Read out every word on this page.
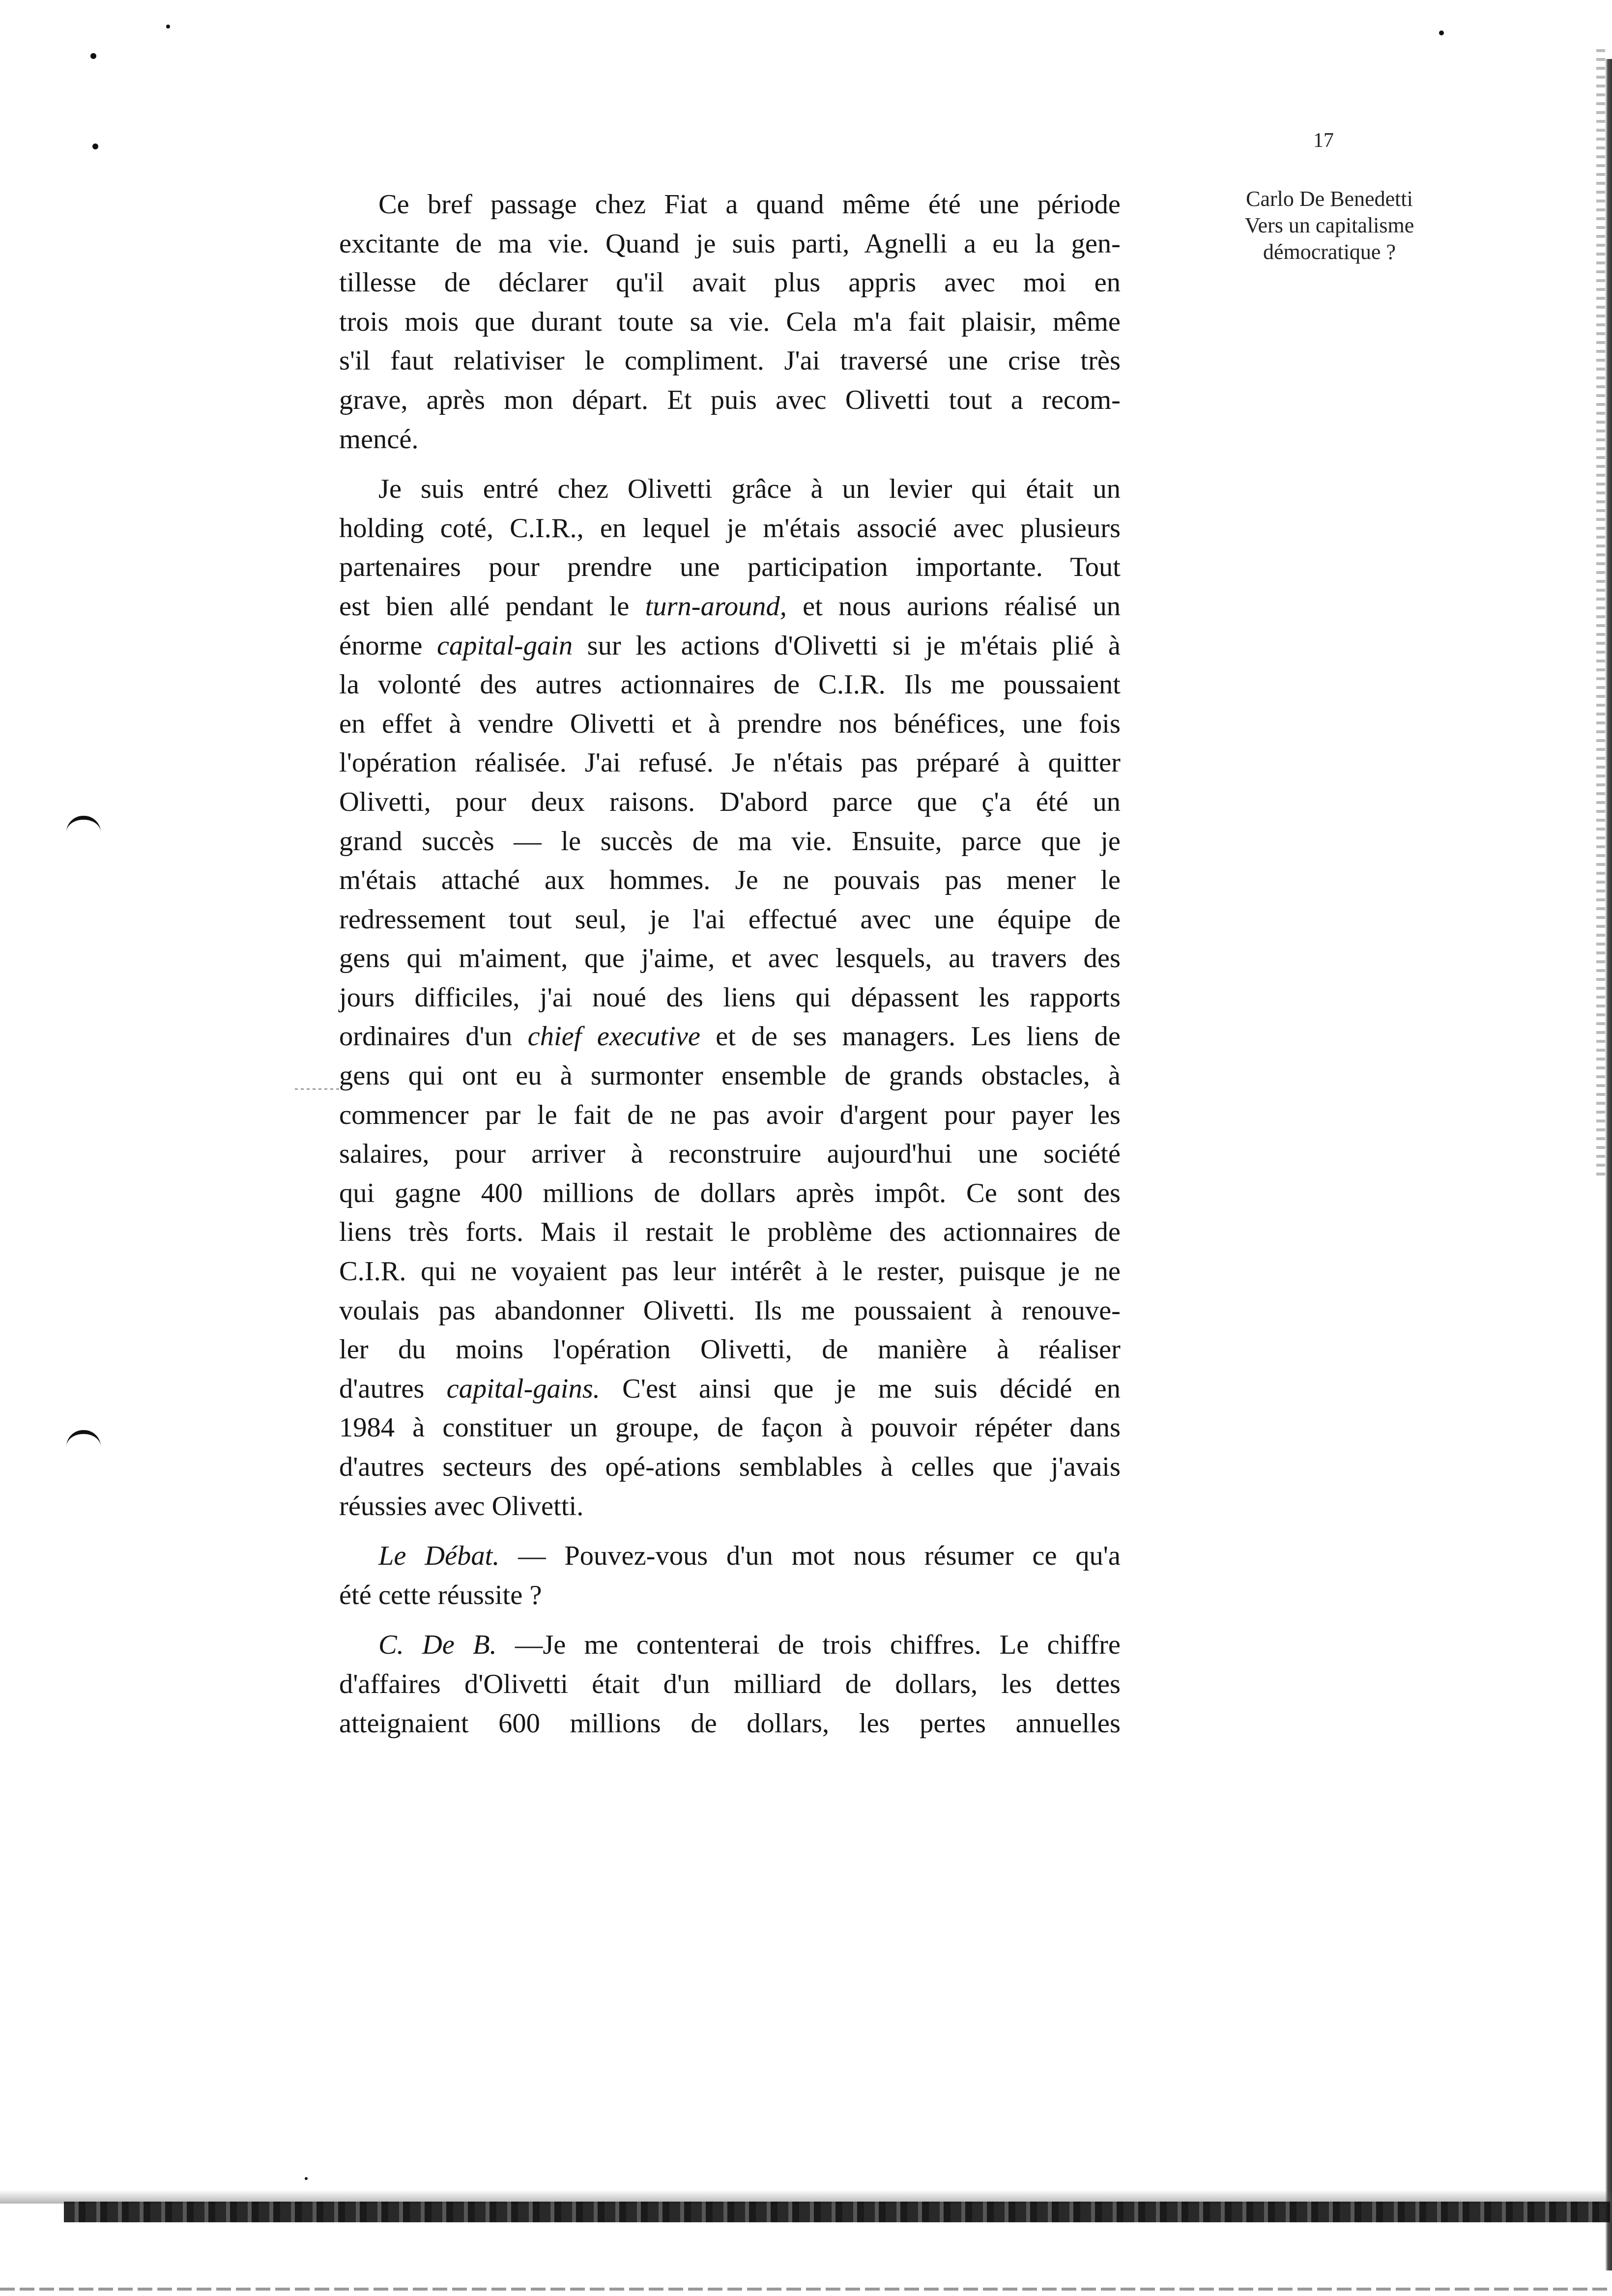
17
Carlo De Benedetti
Vers un capitalisme
démocratique ?

Ce bref passage chez Fiat a quand même été une période
excitante de ma vie. Quand je suis parti, Agnelli a eu la gen-
tillesse de déclarer qu'il avait plus appris avec moi en
trois mois que durant toute sa vie. Cela m'a fait plaisir, même
s'il faut relativiser le compliment. J'ai traversé une crise très
grave, après mon départ. Et puis avec Olivetti tout a recom-
mencé.

Je suis entré chez Olivetti grâce à un levier qui était un
holding coté, C.I.R., en lequel je m'étais associé avec plusieurs
partenaires pour prendre une participation importante. Tout
est bien allé pendant le turn-around, et nous aurions réalisé un
énorme capital-gain sur les actions d'Olivetti si je m'étais plié à
la volonté des autres actionnaires de C.I.R. Ils me poussaient
en effet à vendre Olivetti et à prendre nos bénéfices, une fois
l'opération réalisée. J'ai refusé. Je n'étais pas préparé à quitter
Olivetti, pour deux raisons. D'abord parce que ç'a été un
grand succès — le succès de ma vie. Ensuite, parce que je
m'étais attaché aux hommes. Je ne pouvais pas mener le
redressement tout seul, je l'ai effectué avec une équipe de
gens qui m'aiment, que j'aime, et avec lesquels, au travers des
jours difficiles, j'ai noué des liens qui dépassent les rapports
ordinaires d'un chief executive et de ses managers. Les liens de
gens qui ont eu à surmonter ensemble de grands obstacles, à
commencer par le fait de ne pas avoir d'argent pour payer les
salaires, pour arriver à reconstruire aujourd'hui une société
qui gagne 400 millions de dollars après impôt. Ce sont des
liens très forts. Mais il restait le problème des actionnaires de
C.I.R. qui ne voyaient pas leur intérêt à le rester, puisque je ne
voulais pas abandonner Olivetti. Ils me poussaient à renouve-
ler du moins l'opération Olivetti, de manière à réaliser
d'autres capital-gains. C'est ainsi que je me suis décidé en
1984 à constituer un groupe, de façon à pouvoir répéter dans
d'autres secteurs des opé-ations semblables à celles que j'avais
réussies avec Olivetti.

Le Débat. — Pouvez-vous d'un mot nous résumer ce qu'a
été cette réussite ?

C. De B. —Je me contenterai de trois chiffres. Le chiffre
d'affaires d'Olivetti était d'un milliard de dollars, les dettes
atteignaient 600 millions de dollars, les pertes annuelles
